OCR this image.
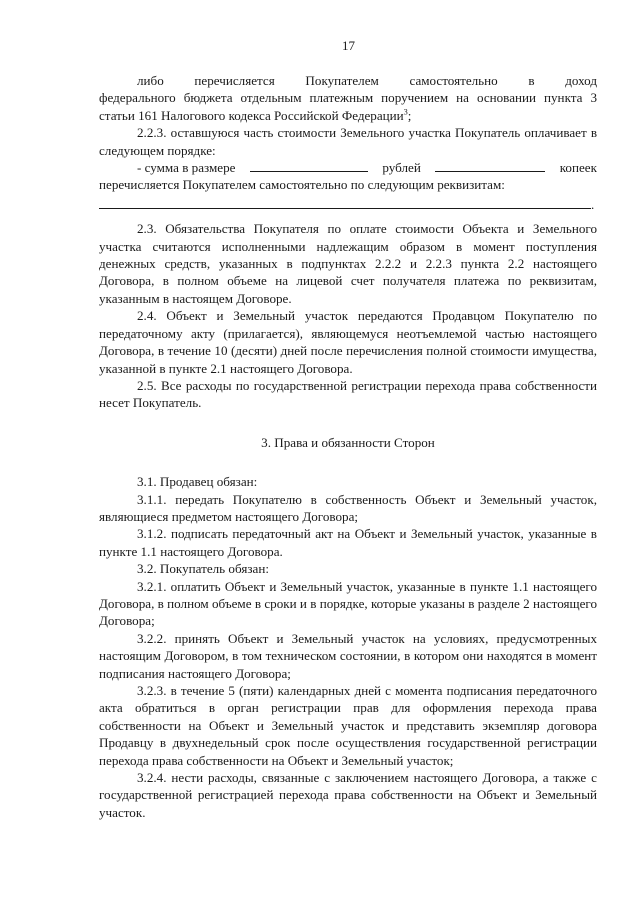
17

либо перечисляется Покупателем самостоятельно в доход

федерального бюджета отдельным платежным поручением на основании пункта 3 статьи 161 Налогового кодекса Российской Федерации$^3$;

2.2.3. оставшуюся часть стоимости Земельного участка Покупатель оплачивает в следующем порядке:

- сумма в размере	рублей	копеек

перечисляется Покупателем самостоятельно по следующим реквизитам:

.

2.3. Обязательства Покупателя по оплате стоимости Объекта и Земельного участка считаются исполненными надлежащим образом в момент поступления денежных средств, указанных в подпунктах 2.2.2 и 2.2.3 пункта 2.2 настоящего Договора, в полном объеме на лицевой счет получателя платежа по реквизитам, указанным в настоящем Договоре.

2.4. Объект и Земельный участок передаются Продавцом Покупателю по передаточному акту (прилагается), являющемуся неотъемлемой частью настоящего Договора, в течение 10 (десяти) дней после перечисления полной стоимости имущества, указанной в пункте 2.1 настоящего Договора.

2.5. Все расходы по государственной регистрации перехода права собственности несет Покупатель.

3. Права и обязанности Сторон

3.1. Продавец обязан:

3.1.1. передать Покупателю в собственность Объект и Земельный участок, являющиеся предметом настоящего Договора;

3.1.2. подписать передаточный акт на Объект и Земельный участок, указанные в пункте 1.1 настоящего Договора.

3.2. Покупатель обязан:

3.2.1. оплатить Объект и Земельный участок, указанные в пункте 1.1 настоящего Договора, в полном объеме в сроки и в порядке, которые указаны в разделе 2 настоящего Договора;

3.2.2. принять Объект и Земельный участок на условиях, предусмотренных настоящим Договором, в том техническом состоянии, в котором они находятся в момент подписания настоящего Договора;

3.2.3. в течение 5 (пяти) календарных дней с момента подписания передаточного акта обратиться в орган регистрации прав для оформления перехода права собственности на Объект и Земельный участок и представить экземпляр договора Продавцу в двухнедельный срок после осуществления государственной регистрации перехода права собственности на Объект и Земельный участок;

3.2.4. нести расходы, связанные с заключением настоящего Договора, а также с государственной регистрацией перехода права собственности на Объект и Земельный участок.
